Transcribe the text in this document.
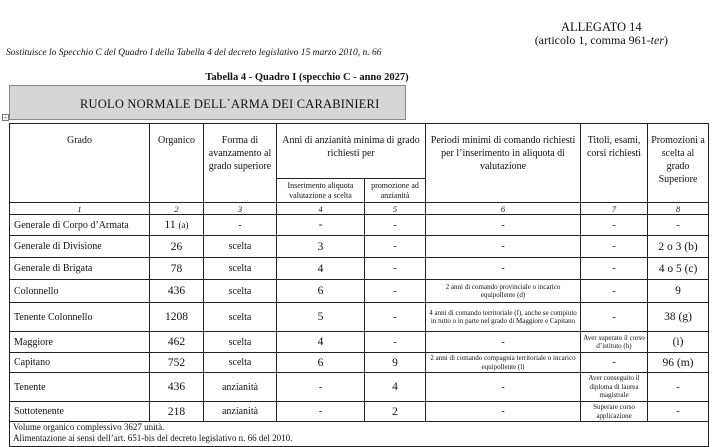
ALLEGATO 14
(articolo 1, comma 961-ter)
Sostituisce lo Specchio C del Quadro I della Tabella 4 del decreto legislativo 15 marzo 2010, n. 66
Tabella 4 - Quadro I (specchio C - anno 2027)
RUOLO NORMALE DELL`ARMA DEI CARABINIERI
+
Grado	Organico	Forma di avanzamento al grado superiore	Anni di anzianità minima di grado richiesti per		Periodi minimi di comando richiesti per l’inserimento in aliquota di valutazione	Titoli, esami, corsi richiesti	Promozioni a scelta al grado Superiore
			Inserimento aliquota valutazione a scelta	promozione ad anzianità			
1	2	3	4	5	6	7	8
Generale di Corpo d’Armata	11 (a)	-	-	-	-	-	-
Generale di Divisione	26	scelta	3	-	-	-	2 o 3 (b)
Generale di Brigata	78	scelta	4	-	-	-	4 o 5 (c)
Colonnello	436	scelta	6	-	2 anni di comando provinciale o incarico equipollente (d)	-	9
Tenente Colonnello	1208	scelta	5	-	4 anni di comando territoriale (f), anche se compiuto in tutto o in parte nel grado di Maggiore e Capitano	-	38 (g)
Maggiore	462	scelta	4	-	-	Aver superato il corso d’istituto (h)	(i)
Capitano	752	scelta	6	9	2 anni di comando compagnia territoriale o incarico equipollente (l)	-	96 (m)
Tenente	436	anzianità	-	4	-	Aver conseguito il diploma di laurea magistrale	-
Sottotenente	218	anzianità	-	2	-	Superare corso applicazione	-

Volume organico complessivo 3627 unità.
Alimentazione ai sensi dell’art. 651-bis del decreto legislativo n. 66 del 2010.							
